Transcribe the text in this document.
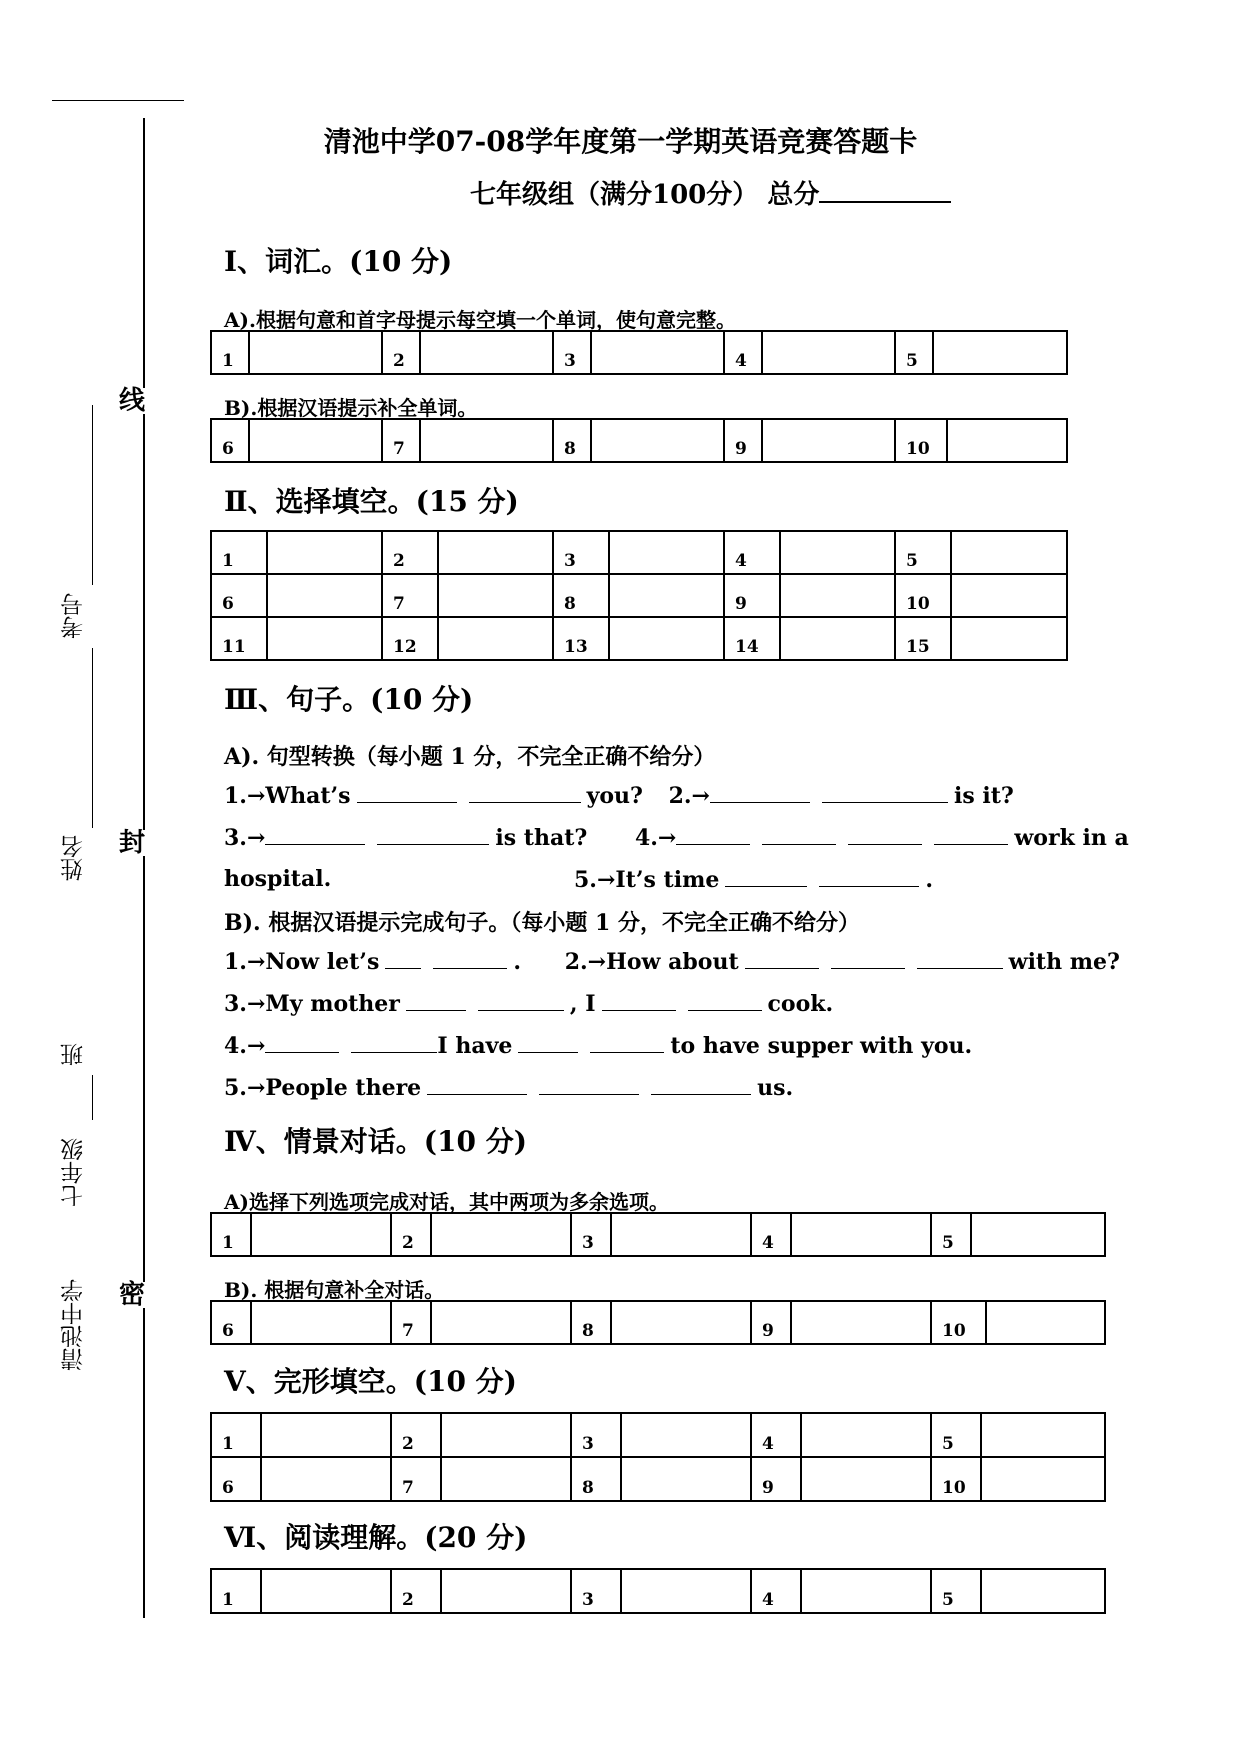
线
封
密
考号
姓名
班
七年级
清池中学
清池中学07-08学年度第一学期英语竞赛答题卡
七年级组（满分100分） 总分
Ⅰ、词汇。(10 分)
A).根据句意和首字母提示每空填一个单词，使句意完整。
1		2		3		4		5	
B).根据汉语提示补全单词。
6		7		8		9		10	
Ⅱ、选择填空。(15 分)
1		2		3		4		5	
6		7		8		9		10	
11		12		13		14		15	
Ⅲ、句子。(10 分)
A). 句型转换（每小题 1 分，不完全正确不给分）
1.→What’s	you? 2.→	is it?
3.→	is that? 4.→	work in a
hospital.	5.→It’s time	.
B). 根据汉语提示完成句子。（每小题 1 分，不完全正确不给分）
1.→Now let’s	. 2.→How about	with me?
3.→My mother	, I	cook.
4.→	I have	to have supper with you.
5.→People there	us.
Ⅳ、情景对话。(10 分)
A)选择下列选项完成对话，其中两项为多余选项。
1		2		3		4		5	
B). 根据句意补全对话。
6		7		8		9		10	
Ⅴ、完形填空。(10 分)
1		2		3		4		5	
6		7		8		9		10	
Ⅵ、阅读理解。(20 分)
1		2		3		4		5	
